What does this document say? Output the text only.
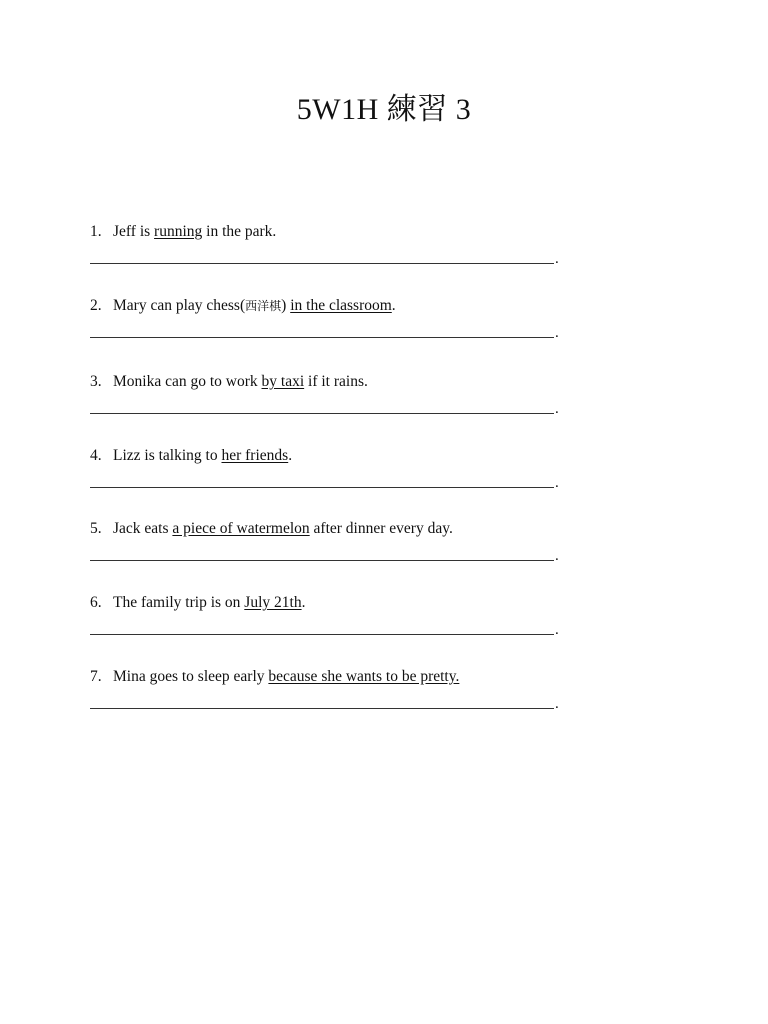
5W1H 練習 3
1. Jeff is running in the park.
.
2. Mary can play chess(西洋棋) in the classroom.
.
3. Monika can go to work by taxi if it rains.
.
4. Lizz is talking to her friends.
.
5. Jack eats a piece of watermelon after dinner every day.
.
6. The family trip is on July 21th.
.
7. Mina goes to sleep early because she wants to be pretty.
.
